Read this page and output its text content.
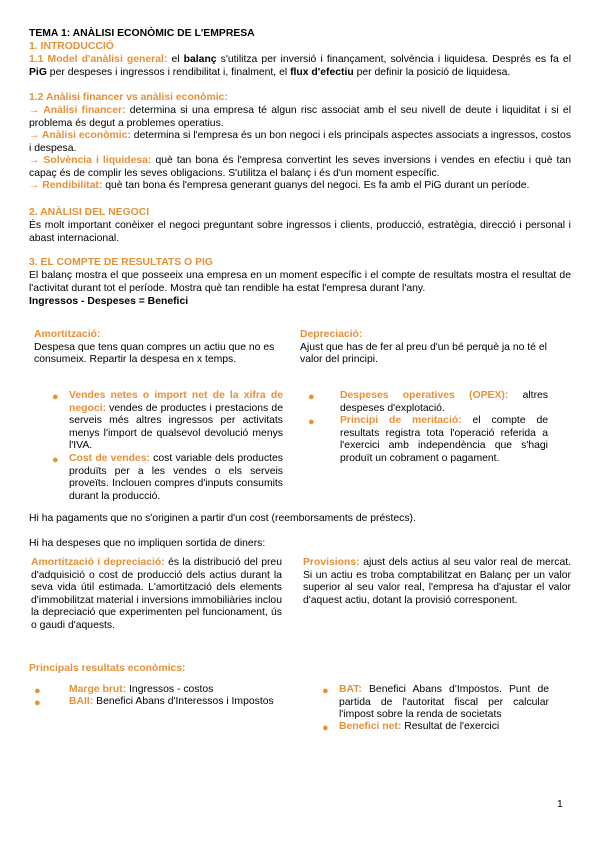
TEMA 1: ANÀLISI ECONÒMIC DE L'EMPRESA
1. INTRODUCCIÓ
1.1 Model d'anàlisi general: el balanç s'utilitza per inversió i finançament, solvència i liquidesa. Després es fa el PiG per despeses i ingressos i rendibilitat i, finalment, el flux d'efectiu per definir la posició de liquidesa.
1.2 Anàlisi financer vs anàlisi econòmic:
→ Anàlisi financer: determina si una empresa té algun risc associat amb el seu nivell de deute i liquiditat i si el problema és degut a problemes operatius.
→ Anàlisi econòmic: determina si l'empresa és un bon negoci i els principals aspectes associats a ingressos, costos i despesa.
→ Solvència i liquidesa: què tan bona és l'empresa convertint les seves inversions i vendes en efectiu i què tan capaç és de complir les seves obligacions. S'utilitza el balanç i és d'un moment específic.
→ Rendibilitat: què tan bona és l'empresa generant guanys del negoci. Es fa amb el PiG durant un període.
2. ANÀLISI DEL NEGOCI
És molt important conèixer el negoci preguntant sobre ingressos i clients, producció, estratègia, direcció i personal i abast internacional.
3. EL COMPTE DE RESULTATS O PIG
El balanç mostra el que posseeix una empresa en un moment específic i el compte de resultats mostra el resultat de l'activitat durant tot el període. Mostra què tan rendible ha estat l'empresa durant l'any.
Ingressos - Despeses = Benefici
Amortització:
Despesa que tens quan compres un actiu que no es consumeix. Repartir la despesa en x temps.
Depreciació:
Ajust que has de fer al preu d'un bé perquè ja no té el valor del principi.
● Vendes netes o import net de la xifra de negoci: vendes de productes i prestacions de serveis més altres ingressos per activitats menys l'import de qualsevol devolució menys l'IVA.
● Cost de vendes: cost variable dels productes produïts per a les vendes o els serveis proveïts. Inclouen compres d'inputs consumits durant la producció.
● Despeses operatives (OPEX): altres despeses d'explotació.
● Principi de meritació: el compte de resultats registra tota l'operació referida a l'exercici amb independència que s'hagi produït un cobrament o pagament.
Hi ha pagaments que no s'originen a partir d'un cost (reemborsaments de préstecs).
Hi ha despeses que no impliquen sortida de diners:
Amortització i depreciació: és la distribució del preu d'adquisició o cost de producció dels actius durant la seva vida útil estimada. L'amortització dels elements d'immobilitzat material i inversions immobiliàries inclou la depreciació que experimenten pel funcionament, ús o gaudi d'aquests.
Provisions: ajust dels actius al seu valor real de mercat. Si un actiu es troba comptabilitzat en Balanç per un valor superior al seu valor real, l'empresa ha d'ajustar el valor d'aquest actiu, dotant la provisió corresponent.
Principals resultats econòmics:
●	Marge brut: Ingressos - costos
●	BAII: Benefici Abans d'Interessos i Impostos
● BAT: Benefici Abans d'Impostos. Punt de partida de l'autoritat fiscal per calcular l'impost sobre la renda de societats
● Benefici net: Resultat de l'exercici
1
